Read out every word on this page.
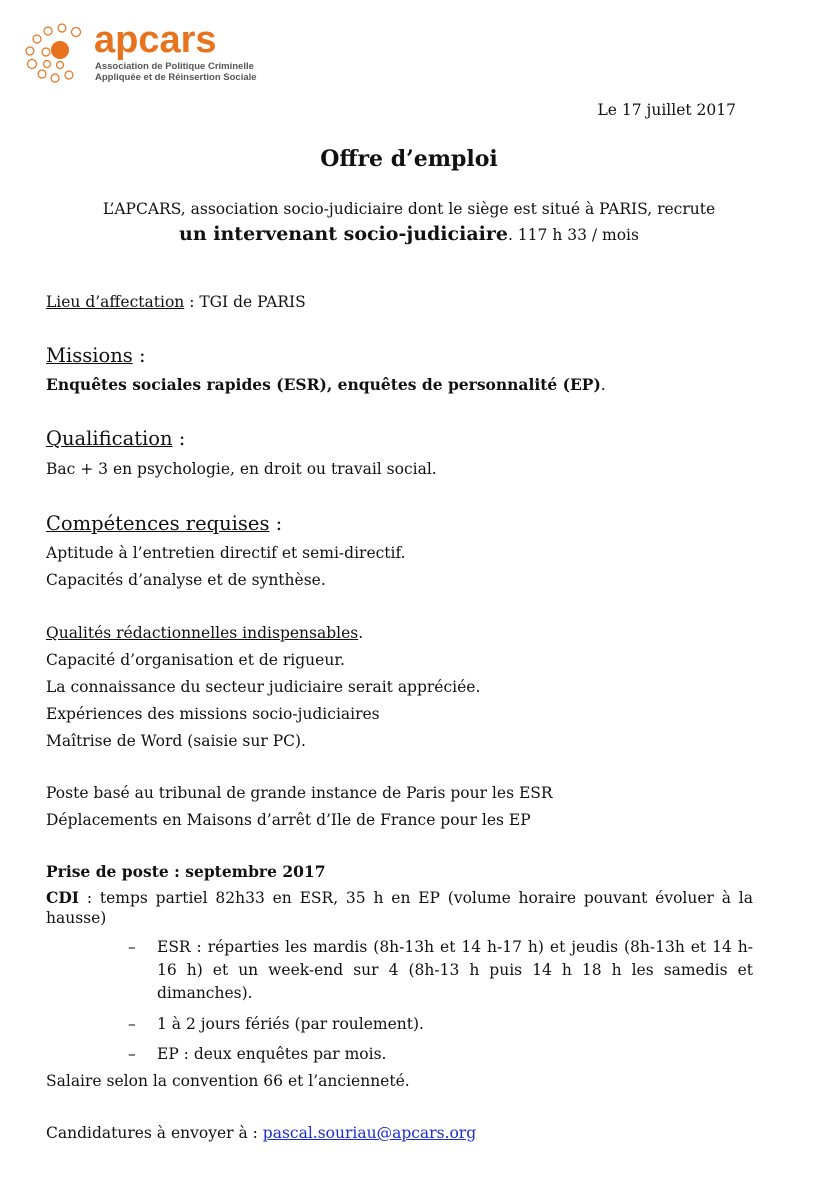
apcars
Association de Politique Criminelle
Appliquée et de Réinsertion Sociale
Le 17 juillet 2017
Offre d’emploi
L’APCARS, association socio-judiciaire dont le siège est situé à PARIS, recrute
un intervenant socio-judiciaire. 117 h 33 / mois
Lieu d’affectation : TGI de PARIS
Missions :
Enquêtes sociales rapides (ESR), enquêtes de personnalité (EP).
Qualification :
Bac + 3 en psychologie, en droit ou travail social.
Compétences requises :
Aptitude à l’entretien directif et semi-directif.
Capacités d’analyse et de synthèse.
Qualités rédactionnelles indispensables.
Capacité d’organisation et de rigueur.
La connaissance du secteur judiciaire serait appréciée.
Expériences des missions socio-judiciaires
Maîtrise de Word (saisie sur PC).
Poste basé au tribunal de grande instance de Paris pour les ESR
Déplacements en Maisons d’arrêt d’Ile de France pour les EP
Prise de poste : septembre 2017
CDI : temps partiel 82h33 en ESR, 35 h en EP (volume horaire pouvant évoluer à la hausse)
– ESR : réparties les mardis (8h-13h et 14 h-17 h) et jeudis (8h-13h et 14 h-16 h) et un week-end sur 4 (8h-13 h puis 14 h 18 h les samedis et dimanches).
– 1 à 2 jours fériés (par roulement).
– EP : deux enquêtes par mois.
Salaire selon la convention 66 et l’ancienneté.
Candidatures à envoyer à : pascal.souriau@apcars.org
